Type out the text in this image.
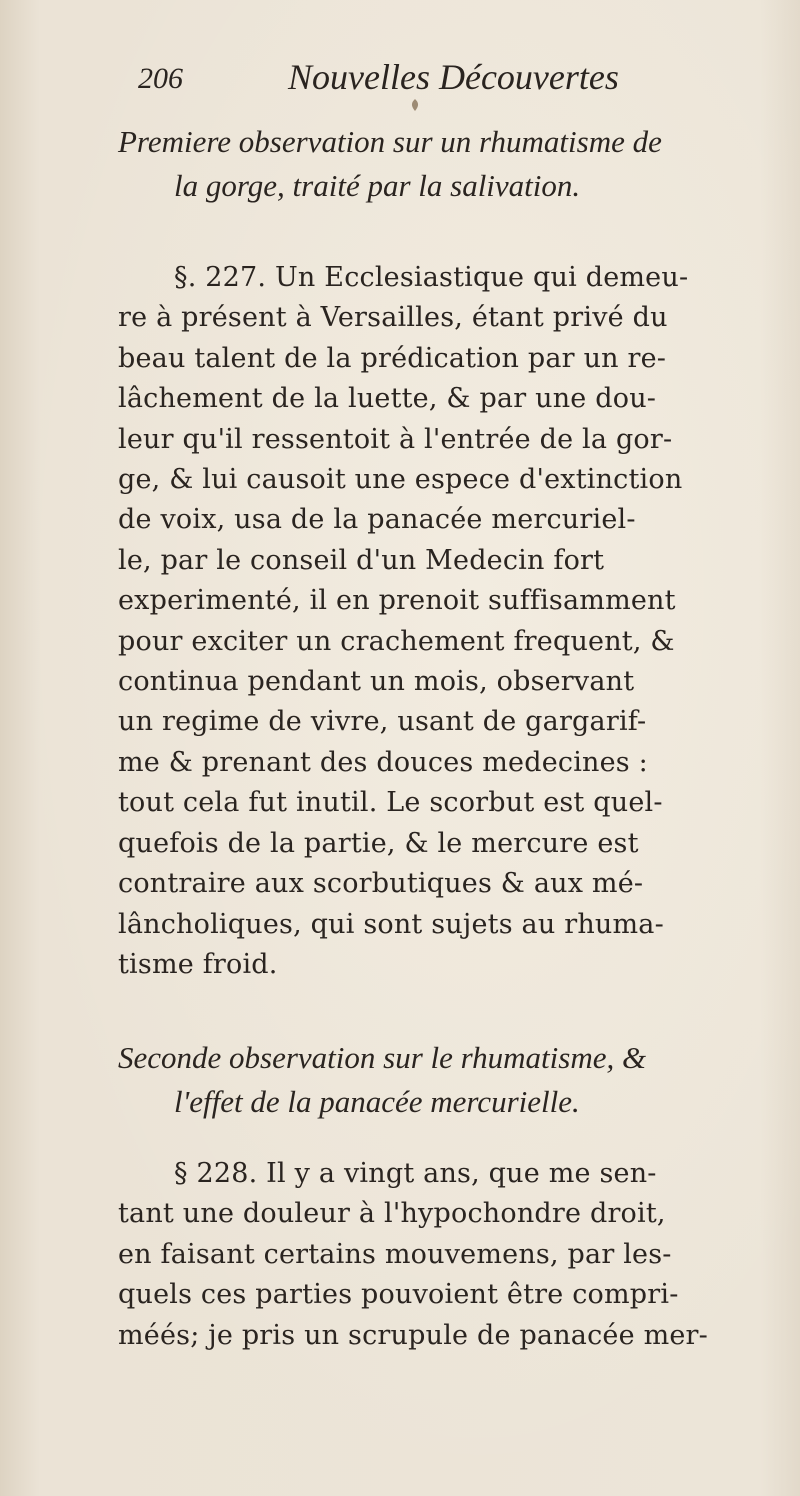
206	Nouvelles Découvertes
Premiere observation sur un rhumatisme de
la gorge, traité par la salivation.
§. 227. Un Ecclesiastique qui demeu-
re à présent à Versailles, étant privé du
beau talent de la prédication par un re-
lâchement de la luette, & par une dou-
leur qu'il ressentoit à l'entrée de la gor-
ge, & lui causoit une espece d'extinction
de voix, usa de la panacée mercuriel-
le, par le conseil d'un Medecin fort
experimenté, il en prenoit suffisamment
pour exciter un crachement frequent, &
continua pendant un mois, observant
un regime de vivre, usant de gargarif-
me & prenant des douces medecines :
tout cela fut inutil. Le scorbut est quel-
quefois de la partie, & le mercure est
contraire aux scorbutiques & aux mé-
lâncholiques, qui sont sujets au rhuma-
tisme froid.
Seconde observation sur le rhumatisme, &
l'effet de la panacée mercurielle.
§ 228. Il y a vingt ans, que me sen-
tant une douleur à l'hypochondre droit,
en faisant certains mouvemens, par les-
quels ces parties pouvoient être compri-
méés; je pris un scrupule de panacée mer-
